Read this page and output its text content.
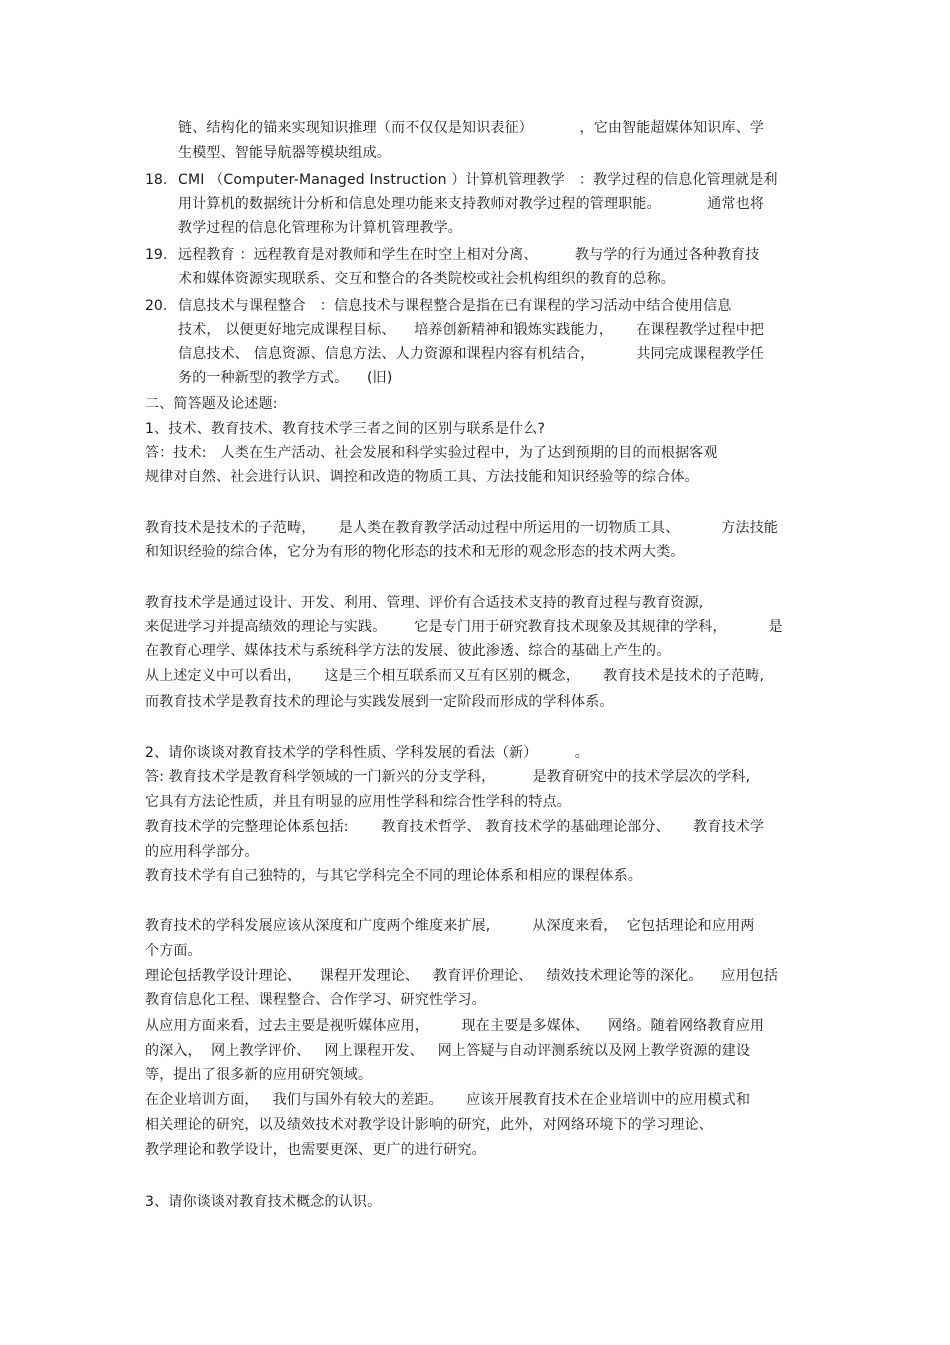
链、结构化的锚来实现知识推理（而不仅仅是知识表征）          ，它由智能超媒体知识库、学
生模型、智能导航器等模块组成。
18. CMI （Computer-Managed Instruction ）计算机管理教学   ：教学过程的信息化管理就是利
用计算机的数据统计分析和信息处理功能来支持教师对教学过程的管理职能。          通常也将
教学过程的信息化管理称为计算机管理教学。
19. 远程教育 ：远程教育是对教师和学生在时空上相对分离、        教与学的行为通过各种教育技
术和媒体资源实现联系、交互和整合的各类院校或社会机构组织的教育的总称。
20. 信息技术与课程整合   ：信息技术与课程整合是指在已有课程的学习活动中结合使用信息
技术， 以便更好地完成课程目标、    培养创新精神和锻炼实践能力，     在课程教学过程中把
信息技术、 信息资源、信息方法、人力资源和课程内容有机结合，         共同完成课程教学任
务的一种新型的教学方式。    (旧)
二、简答题及论述题:
1、技术、教育技术、教育技术学三者之间的区别与联系是什么?
答：技术:   人类在生产活动、社会发展和科学实验过程中，为了达到预期的目的而根据客观
规律对自然、社会进行认识、调控和改造的物质工具、方法技能和知识经验等的综合体。
教育技术是技术的子范畴，     是人类在教育教学活动过程中所运用的一切物质工具、         方法技能
和知识经验的综合体，它分为有形的物化形态的技术和无形的观念形态的技术两大类。
教育技术学是通过设计、开发、利用、管理、评价有合适技术支持的教育过程与教育资源,
来促进学习并提高绩效的理论与实践。      它是专门用于研究教育技术现象及其规律的学科，         是
在教育心理学、媒体技术与系统科学方法的发展、彼此渗透、综合的基础上产生的。
从上述定义中可以看出，     这是三个相互联系而又互有区别的概念，     教育技术是技术的子范畴,
而教育技术学是教育技术的理论与实践发展到一定阶段而形成的学科体系。
2、请你谈谈对教育技术学的学科性质、学科发展的看法（新）        。
答: 教育技术学是教育科学领域的一门新兴的分支学科，        是教育研究中的技术学层次的学科,
它具有方法论性质，并且有明显的应用性学科和综合性学科的特点。
教育技术学的完整理论体系包括:       教育技术哲学、 教育技术学的基础理论部分、     教育技术学
的应用科学部分。
教育技术学有自己独特的，与其它学科完全不同的理论体系和相应的课程体系。
教育技术的学科发展应该从深度和广度两个维度来扩展,         从深度来看，  它包括理论和应用两
个方面。
理论包括教学设计理论、    课程开发理论、   教育评价理论、   绩效技术理论等的深化。    应用包括
教育信息化工程、课程整合、合作学习、研究性学习。
从应用方面来看，过去主要是视听媒体应用，       现在主要是多媒体、    网络。随着网络教育应用
的深入，  网上教学评价、   网上课程开发、   网上答疑与自动评测系统以及网上教学资源的建设
等，提出了很多新的应用研究领域。
在企业培训方面，   我们与国外有较大的差距。     应该开展教育技术在企业培训中的应用模式和
相关理论的研究，以及绩效技术对教学设计影响的研究，此外，对网络环境下的学习理论、
教学理论和教学设计，也需要更深、更广的进行研究。
3、请你谈谈对教育技术概念的认识。
